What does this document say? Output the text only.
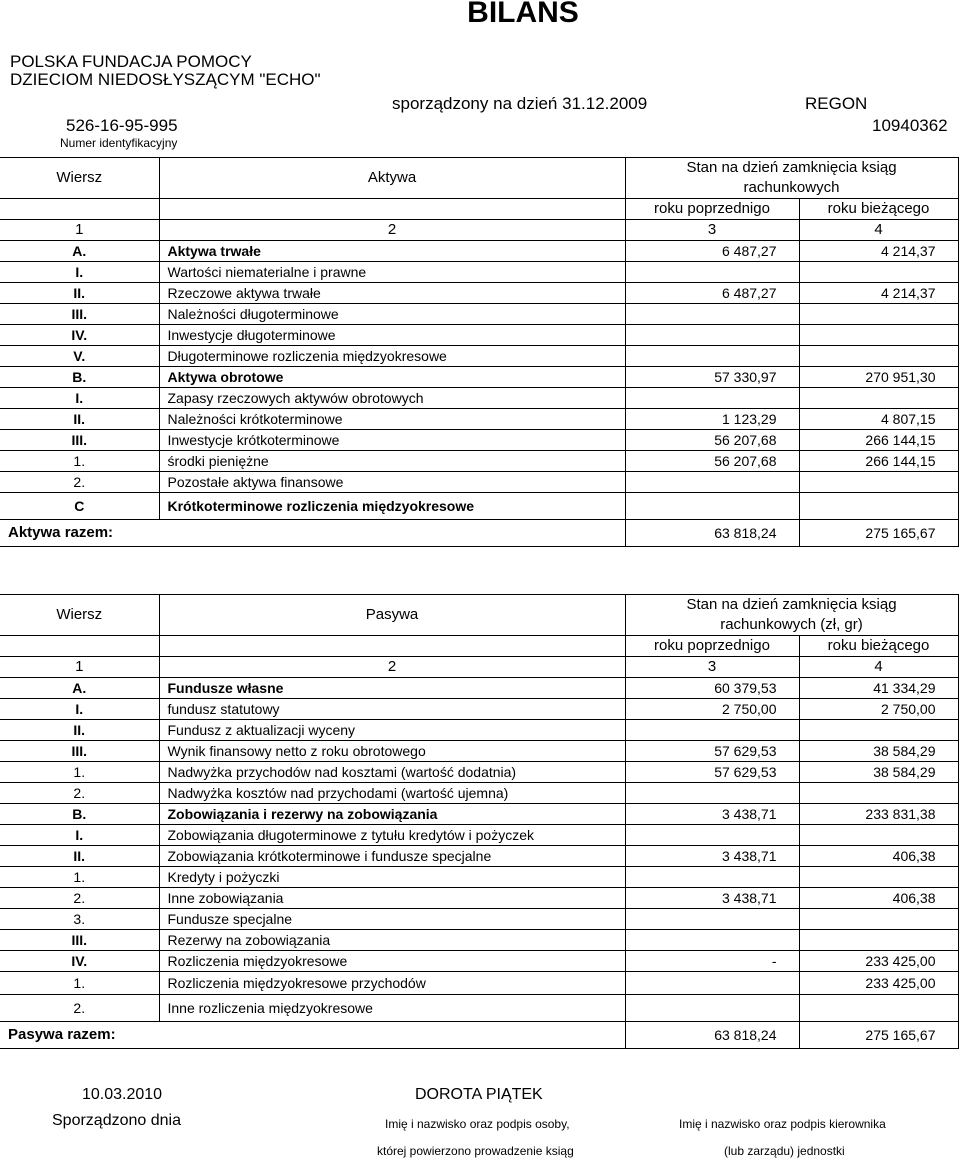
BILANS
POLSKA FUNDACJA POMOCY
DZIECIOM NIEDOSŁYSZĄCYM "ECHO"
sporządzony na dzień 31.12.2009	REGON
526-16-95-995
Numer identyfikacyjny
10940362
Wiersz	Aktywa	Stan na dzień zamknięcia ksiąg	
		rachunkowych	
		roku poprzednigo	roku bieżącego
1	2	3	4
A.	Aktywa trwałe	6 487,27	4 214,37
I.	Wartości niematerialne i prawne		
II.	Rzeczowe aktywa trwałe	6 487,27	4 214,37
III.	Należności długoterminowe		
IV.	Inwestycje długoterminowe		
V.	Długoterminowe rozliczenia międzyokresowe		
B.	Aktywa obrotowe	57 330,97	270 951,30
I.	Zapasy rzeczowych aktywów obrotowych		
II.	Należności krótkoterminowe	1 123,29	4 807,15
III.	Inwestycje krótkoterminowe	56 207,68	266 144,15
1.	środki pieniężne	56 207,68	266 144,15
2.	Pozostałe aktywa finansowe		
C	Krótkoterminowe rozliczenia międzyokresowe		
Aktywa razem:		63 818,24	275 165,67
Wiersz	Pasywa	Stan na dzień zamknięcia ksiąg	
		rachunkowych (zł, gr)	
		roku poprzednigo	roku bieżącego
1	2	3	4
A.	Fundusze własne	60 379,53	41 334,29
I.	fundusz statutowy	2 750,00	2 750,00
II.	Fundusz z aktualizacji wyceny		
III.	Wynik finansowy netto z roku obrotowego	57 629,53	38 584,29
1.	Nadwyżka przychodów nad kosztami (wartość dodatnia)	57 629,53	38 584,29
2.	Nadwyżka kosztów nad przychodami (wartość ujemna)		
B.	Zobowiązania i rezerwy na zobowiązania	3 438,71	233 831,38
I.	Zobowiązania długoterminowe z tytułu kredytów i pożyczek		
II.	Zobowiązania krótkoterminowe i fundusze specjalne	3 438,71	406,38
1.	Kredyty i pożyczki		
2.	Inne zobowiązania	3 438,71	406,38
3.	Fundusze specjalne		
III.	Rezerwy na zobowiązania		
IV.	Rozliczenia międzyokresowe	-	233 425,00
1.	Rozliczenia międzyokresowe przychodów		233 425,00
2.	Inne rozliczenia międzyokresowe		
Pasywa razem:		63 818,24	275 165,67
10.03.2010
Sporządzono dnia
DOROTA PIĄTEK
Imię i nazwisko oraz podpis osoby,
której powierzono prowadzenie ksiąg
Imię i nazwisko oraz podpis kierownika
(lub zarządu) jednostki
